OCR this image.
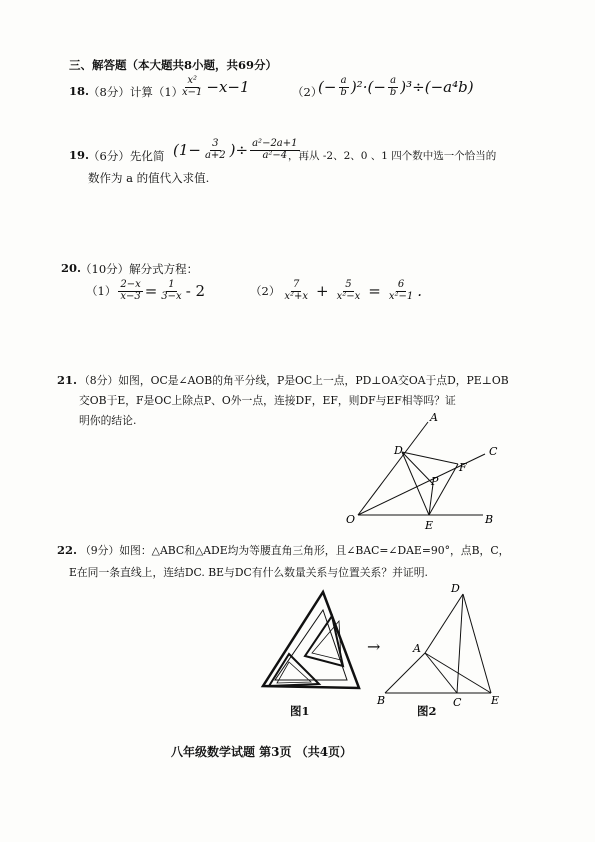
三、解答题（本大题共8小题，共69分）
18.
（8分）计算（1）
$\frac{\text{x²}}{x-1} -x-1$	（2）
(− $\frac{a}{b} )^2\cdot(- \frac{a}{b} )^3\div(-a^4b)$
19.
（6分）先化简 ($1- \frac{3}{a+2}$ )÷ $\frac{\text{a²−2a+1}}{\text{a²−4}}$
，再从 -2、2、0 、1 四个数中选一个恰当的
数作为 a 的值代入求值.
20.
（10分）解分式方程：
$(1) \frac{2-x}{x-3} = \frac{1}{3-x} - 2$	$(2) \frac{7}{\text{x²+x}} + \frac{5}{\text{x²−x}} = \frac{6}{\text{x²−1}}$ .
21. （8分）如图，OC是∠AOB的角平分线，P是OC上一点，PD⊥OA交OA于点D，PE⊥OB
交OB于E，F是OC上除点P、O外一点，连接DF，EF，则DF与EF相等吗？证
明你的结论.	A
C
D
F
P
O	E	B
22. （9分）如图：△ABC和△ADE均为等腰直角三角形，且∠BAC=∠DAE=90°，点B，C，
E在同一条直线上，连结DC. BE与DC有什么数量关系与位置关系？并证明.
图1
→
D
A
B	C	E
图2
八年级数学试题 第3页 （共4页）
